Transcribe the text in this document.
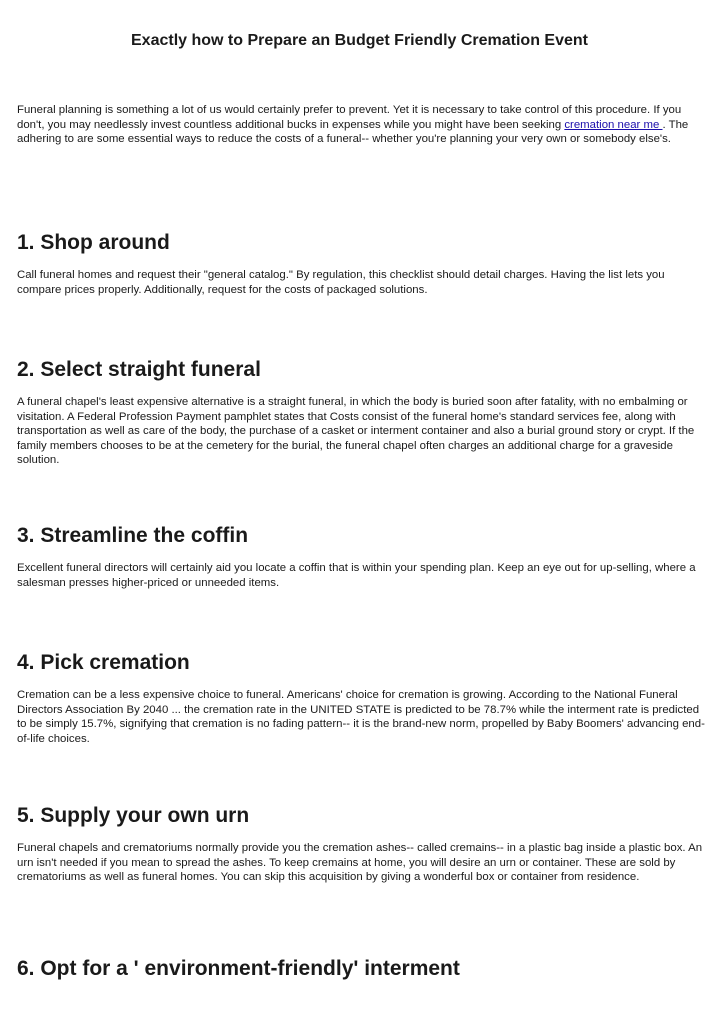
Exactly how to Prepare an Budget Friendly Cremation Event

Funeral planning is something a lot of us would certainly prefer to prevent. Yet it is necessary to take control of this procedure. If you don't, you may needlessly invest countless additional bucks in expenses while you might have been seeking cremation near me . The adhering to are some essential ways to reduce the costs of a funeral-- whether you're planning your very own or somebody else's.

1. Shop around

Call funeral homes and request their "general catalog." By regulation, this checklist should detail charges. Having the list lets you compare prices properly. Additionally, request for the costs of packaged solutions.

2. Select straight funeral

A funeral chapel's least expensive alternative is a straight funeral, in which the body is buried soon after fatality, with no embalming or visitation. A Federal Profession Payment pamphlet states that Costs consist of the funeral home's standard services fee, along with transportation as well as care of the body, the purchase of a casket or interment container and also a burial ground story or crypt. If the family members chooses to be at the cemetery for the burial, the funeral chapel often charges an additional charge for a graveside solution.

3. Streamline the coffin

Excellent funeral directors will certainly aid you locate a coffin that is within your spending plan. Keep an eye out for up-selling, where a salesman presses higher-priced or unneeded items.

4. Pick cremation

Cremation can be a less expensive choice to funeral. Americans' choice for cremation is growing. According to the National Funeral Directors Association By 2040 ... the cremation rate in the UNITED STATE is predicted to be 78.7% while the interment rate is predicted to be simply 15.7%, signifying that cremation is no fading pattern-- it is the brand-new norm, propelled by Baby Boomers' advancing end-of-life choices.

5. Supply your own urn

Funeral chapels and crematoriums normally provide you the cremation ashes-- called cremains-- in a plastic bag inside a plastic box. An urn isn't needed if you mean to spread the ashes. To keep cremains at home, you will desire an urn or container. These are sold by crematoriums as well as funeral homes. You can skip this acquisition by giving a wonderful box or container from residence.

6. Opt for a ' environment-friendly' interment
